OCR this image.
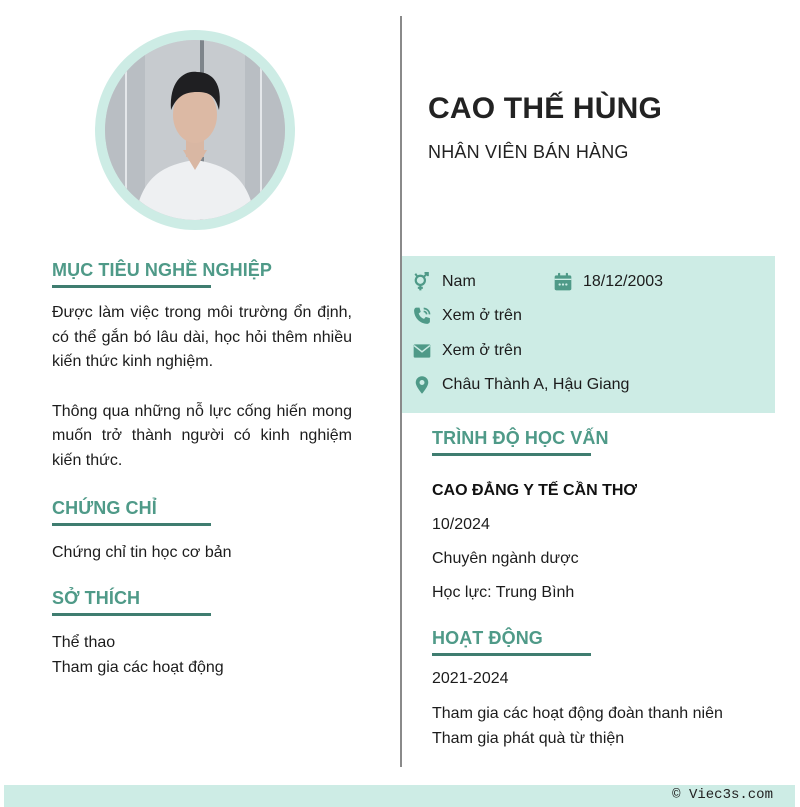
CAO THẾ HÙNG
NHÂN VIÊN BÁN HÀNG
Nam	18/12/2003
Xem ở trên
Xem ở trên
Châu Thành A, Hậu Giang
MỤC TIÊU NGHỀ NGHIỆP

Được làm việc trong môi trường ổn định, có thể gắn bó lâu dài, học hỏi thêm nhiều kiến thức kinh nghiệm.

Thông qua những nỗ lực cống hiến mong muốn trở thành người có kinh nghiệm kiến thức.

CHỨNG CHỈ
Chứng chỉ tin học cơ bản
SỞ THÍCH
Thể thao
Tham gia các hoạt động
TRÌNH ĐỘ HỌC VẤN
CAO ĐẲNG Y TẾ CẦN THƠ
10/2024
Chuyên ngành dược
Học lực: Trung Bình
HOẠT ĐỘNG
2021-2024
Tham gia các hoạt động đoàn thanh niên
Tham gia phát quà từ thiện
© Viec3s.com
